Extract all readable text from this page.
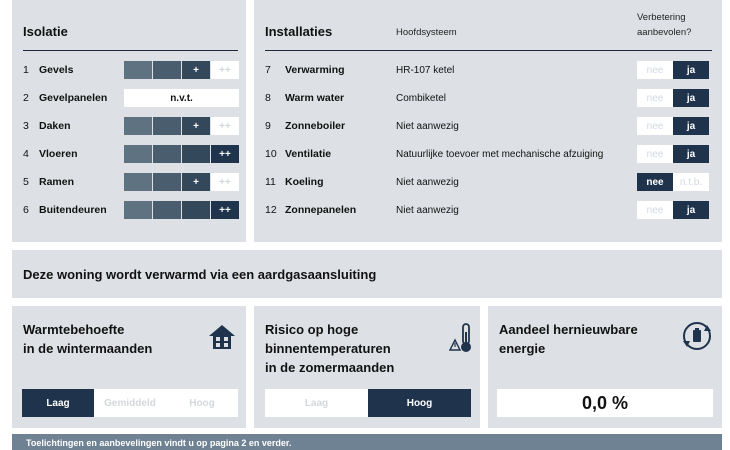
Isolatie
1 Gevels	+	++
2 Gevelpanelen	n.v.t.
3 Daken	+	++
4 Vloeren	++
5 Ramen	+	++
6 Buitendeuren	++
Installaties	Hoofdsysteem
Verbetering
aanbevolen?
7 Verwarming	HR-107 ketel	nee	ja
8 Warm water	Combiketel	nee	ja
9 Zonneboiler	Niet aanwezig	nee	ja
10 Ventilatie	Natuurlijke toevoer met mechanische afzuiging	nee	ja
11 Koeling	Niet aanwezig	nee	n.t.b.
12 Zonnepanelen	Niet aanwezig	nee	ja
Deze woning wordt verwarmd via een aardgasaansluiting
Warmtebehoefte
in de wintermaanden
Laag	Gemiddeld	Hoog
Risico op hoge
binnentemperaturen
in de zomermaanden
Laag	Hoog
Aandeel hernieuwbare
energie
0,0 %
Toelichtingen en aanbevelingen vindt u op pagina 2 en verder.
